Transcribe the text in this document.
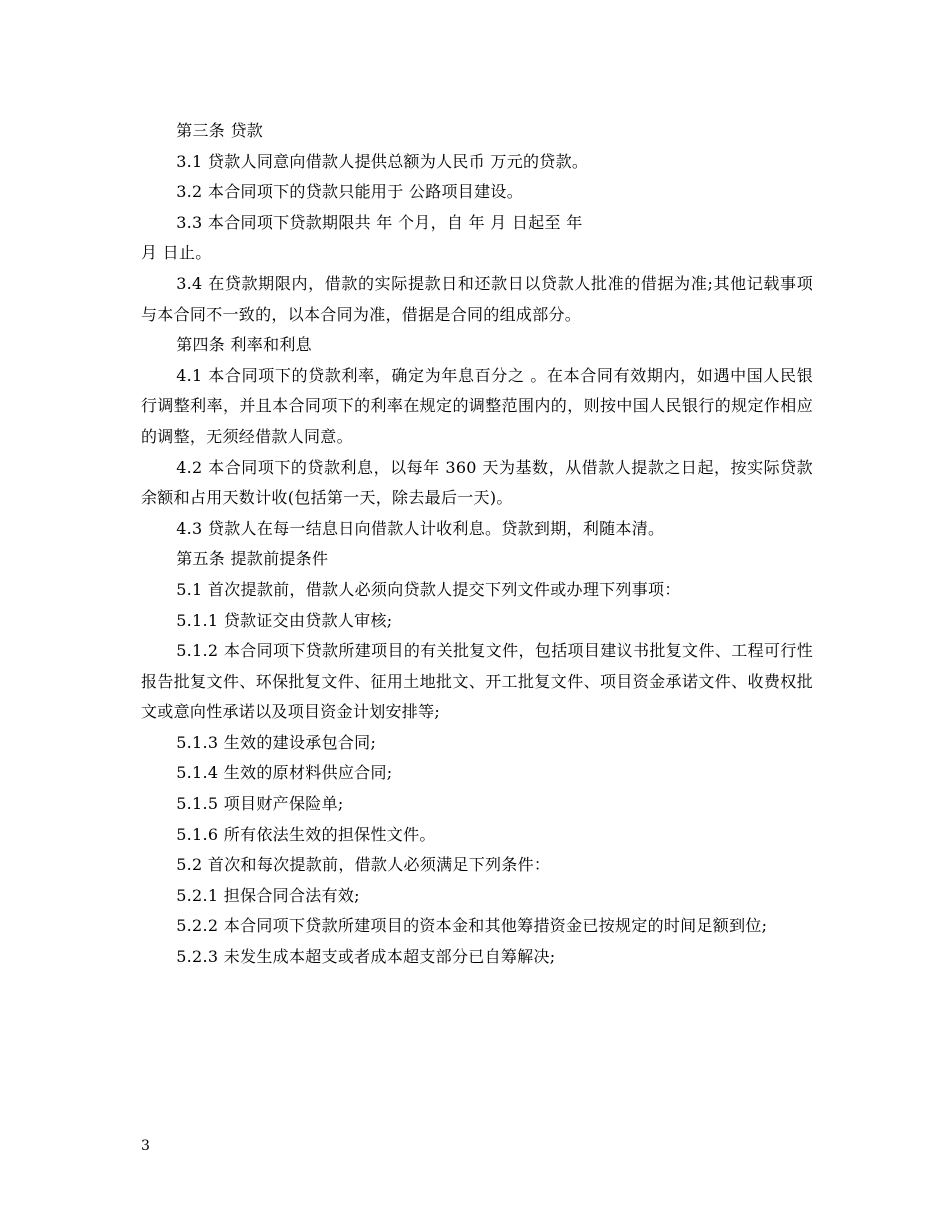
第三条 贷款

3.1 贷款人同意向借款人提供总额为人民币 万元的贷款。

3.2 本合同项下的贷款只能用于 公路项目建设。

3.3 本合同项下贷款期限共 年 个月，自 年 月 日起至 年

月 日止。

3.4 在贷款期限内，借款的实际提款日和还款日以贷款人批准的借据为准;其他记载事项与本合同不一致的，以本合同为准，借据是合同的组成部分。

第四条 利率和利息

4.1 本合同项下的贷款利率，确定为年息百分之 。在本合同有效期内，如遇中国人民银行调整利率，并且本合同项下的利率在规定的调整范围内的，则按中国人民银行的规定作相应的调整，无须经借款人同意。

4.2 本合同项下的贷款利息，以每年 360 天为基数，从借款人提款之日起，按实际贷款余额和占用天数计收(包括第一天，除去最后一天)。

4.3 贷款人在每一结息日向借款人计收利息。贷款到期，利随本清。

第五条 提款前提条件

5.1 首次提款前，借款人必须向贷款人提交下列文件或办理下列事项：

5.1.1 贷款证交由贷款人审核;

5.1.2 本合同项下贷款所建项目的有关批复文件，包括项目建议书批复文件、工程可行性报告批复文件、环保批复文件、征用土地批文、开工批复文件、项目资金承诺文件、收费权批文或意向性承诺以及项目资金计划安排等;

5.1.3 生效的建设承包合同;

5.1.4 生效的原材料供应合同;

5.1.5 项目财产保险单;

5.1.6 所有依法生效的担保性文件。

5.2 首次和每次提款前，借款人必须满足下列条件：

5.2.1 担保合同合法有效;

5.2.2 本合同项下贷款所建项目的资本金和其他筹措资金已按规定的时间足额到位;

5.2.3 未发生成本超支或者成本超支部分已自筹解决;

3
